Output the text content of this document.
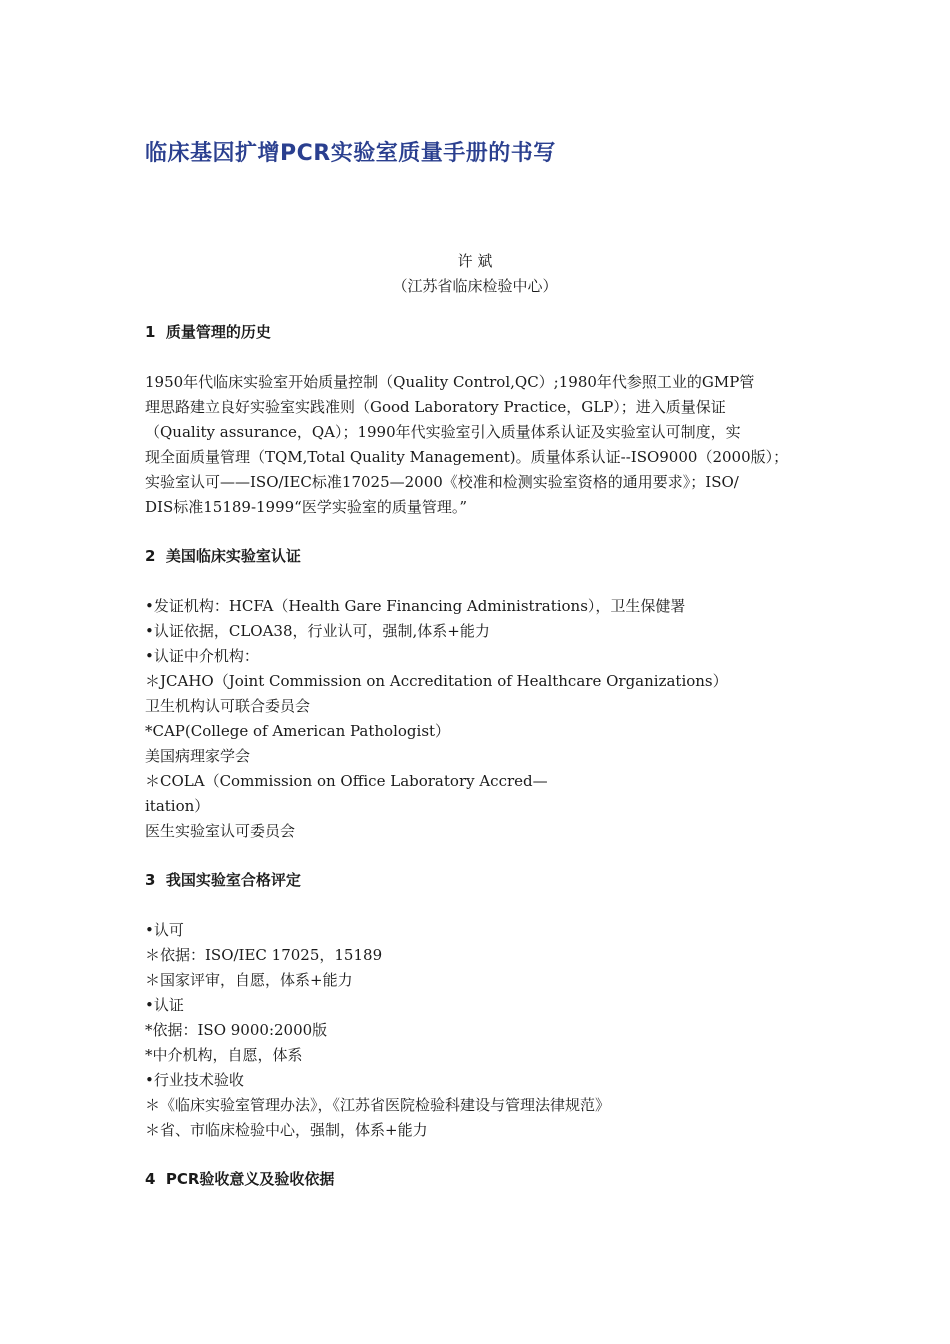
临床基因扩增PCR实验室质量手册的书写
许 斌
（江苏省临床检验中心）
1  质量管理的历史
1950年代临床实验室开始质量控制（Quality Control,QC）;1980年代参照工业的GMP管
理思路建立良好实验室实践准则（Good Laboratory Practice，GLP）；进入质量保证
（Quality assurance，QA）；1990年代实验室引入质量体系认证及实验室认可制度，实
现全面质量管理（TQM,Total Quality Management)。质量体系认证--ISO9000（2000版）；
实验室认可——ISO/IEC标准17025—2000《校准和检测实验室资格的通用要求》；ISO/
DIS标准15189-1999“医学实验室的质量管理。”
2  美国临床实验室认证
•发证机构：HCFA（Health Gare Financing Administrations），卫生保健署
•认证依据，CLOA38，行业认可，强制,体系+能力
•认证中介机构：
＊JCAHO（Joint Commission on Accreditation of Healthcare Organizations）
卫生机构认可联合委员会
*CAP(College of American Pathologist）
美国病理家学会
＊COLA（Commission on Office Laboratory Accred—
itation）
医生实验室认可委员会
3  我国实验室合格评定
•认可
＊依据：ISO/IEC 17025，15189
＊国家评审，自愿，体系+能力
•认证
*依据：ISO 9000:2000版
*中介机构，自愿，体系
•行业技术验收
＊《临床实验室管理办法》，《江苏省医院检验科建设与管理法律规范》
＊省、市临床检验中心，强制，体系+能力
4  PCR验收意义及验收依据
